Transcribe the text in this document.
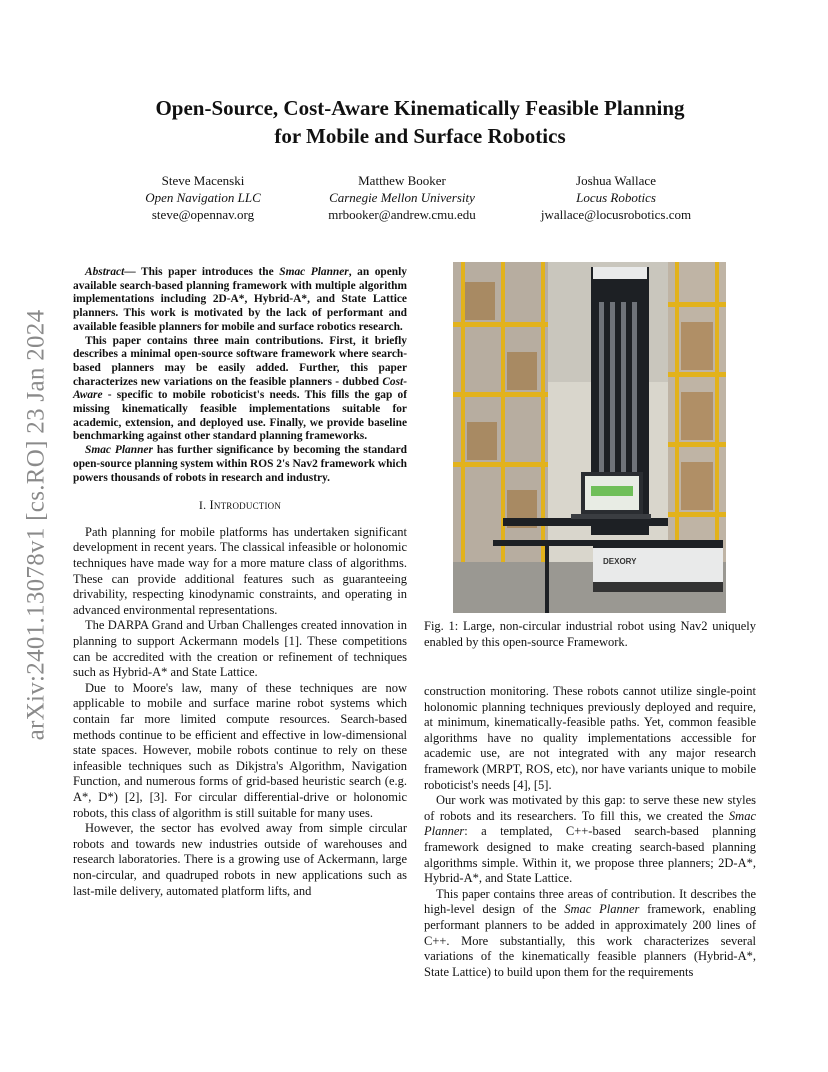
arXiv:2401.13078v1 [cs.RO] 23 Jan 2024
Open-Source, Cost-Aware Kinematically Feasible Planning
for Mobile and Surface Robotics
Steve Macenski
Open Navigation LLC
steve@opennav.org
Matthew Booker
Carnegie Mellon University
mrbooker@andrew.cmu.edu
Joshua Wallace
Locus Robotics
jwallace@locusrobotics.com

Abstract— This paper introduces the Smac Planner, an openly available search-based planning framework with multiple algorithm implementations including 2D-A*, Hybrid-A*, and State Lattice planners. This work is motivated by the lack of performant and available feasible planners for mobile and surface robotics research.

This paper contains three main contributions. First, it briefly describes a minimal open-source software framework where search-based planners may be easily added. Further, this paper characterizes new variations on the feasible planners - dubbed Cost-Aware - specific to mobile roboticist's needs. This fills the gap of missing kinematically feasible implementations suitable for academic, extension, and deployed use. Finally, we provide baseline benchmarking against other standard planning frameworks.

Smac Planner has further significance by becoming the standard open-source planning system within ROS 2's Nav2 framework which powers thousands of robots in research and industry.

I. Introduction

Path planning for mobile platforms has undertaken significant development in recent years. The classical infeasible or holonomic techniques have made way for a more mature class of algorithms. These can provide additional features such as guaranteeing drivability, respecting kinodynamic constraints, and operating in advanced environmental representations.

The DARPA Grand and Urban Challenges created innovation in planning to support Ackermann models [1]. These competitions can be accredited with the creation or refinement of techniques such as Hybrid-A* and State Lattice.

Due to Moore's law, many of these techniques are now applicable to mobile and surface marine robot systems which contain far more limited compute resources. Search-based methods continue to be efficient and effective in low-dimensional state spaces. However, mobile robots continue to rely on these infeasible techniques such as Dikjstra's Algorithm, Navigation Function, and numerous forms of grid-based heuristic search (e.g. A*, D*) [2], [3]. For circular differential-drive or holonomic robots, this class of algorithm is still suitable for many uses.

However, the sector has evolved away from simple circular robots and towards new industries outside of warehouses and research laboratories. There is a growing use of Ackermann, large non-circular, and quadruped robots in new applications such as last-mile delivery, automated platform lifts, and

DEXORY
Fig. 1: Large, non-circular industrial robot using Nav2 uniquely enabled by this open-source Framework.

construction monitoring. These robots cannot utilize single-point holonomic planning techniques previously deployed and require, at minimum, kinematically-feasible paths. Yet, common feasible algorithms have no quality implementations accessible for academic use, are not integrated with any major research framework (MRPT, ROS, etc), nor have variants unique to mobile roboticist's needs [4], [5].

Our work was motivated by this gap: to serve these new styles of robots and its researchers. To fill this, we created the Smac Planner: a templated, C++-based search-based planning framework designed to make creating search-based planning algorithms simple. Within it, we propose three planners; 2D-A*, Hybrid-A*, and State Lattice.

This paper contains three areas of contribution. It describes the high-level design of the Smac Planner framework, enabling performant planners to be added in approximately 200 lines of C++. More substantially, this work characterizes several variations of the kinematically feasible planners (Hybrid-A*, State Lattice) to build upon them for the requirements
